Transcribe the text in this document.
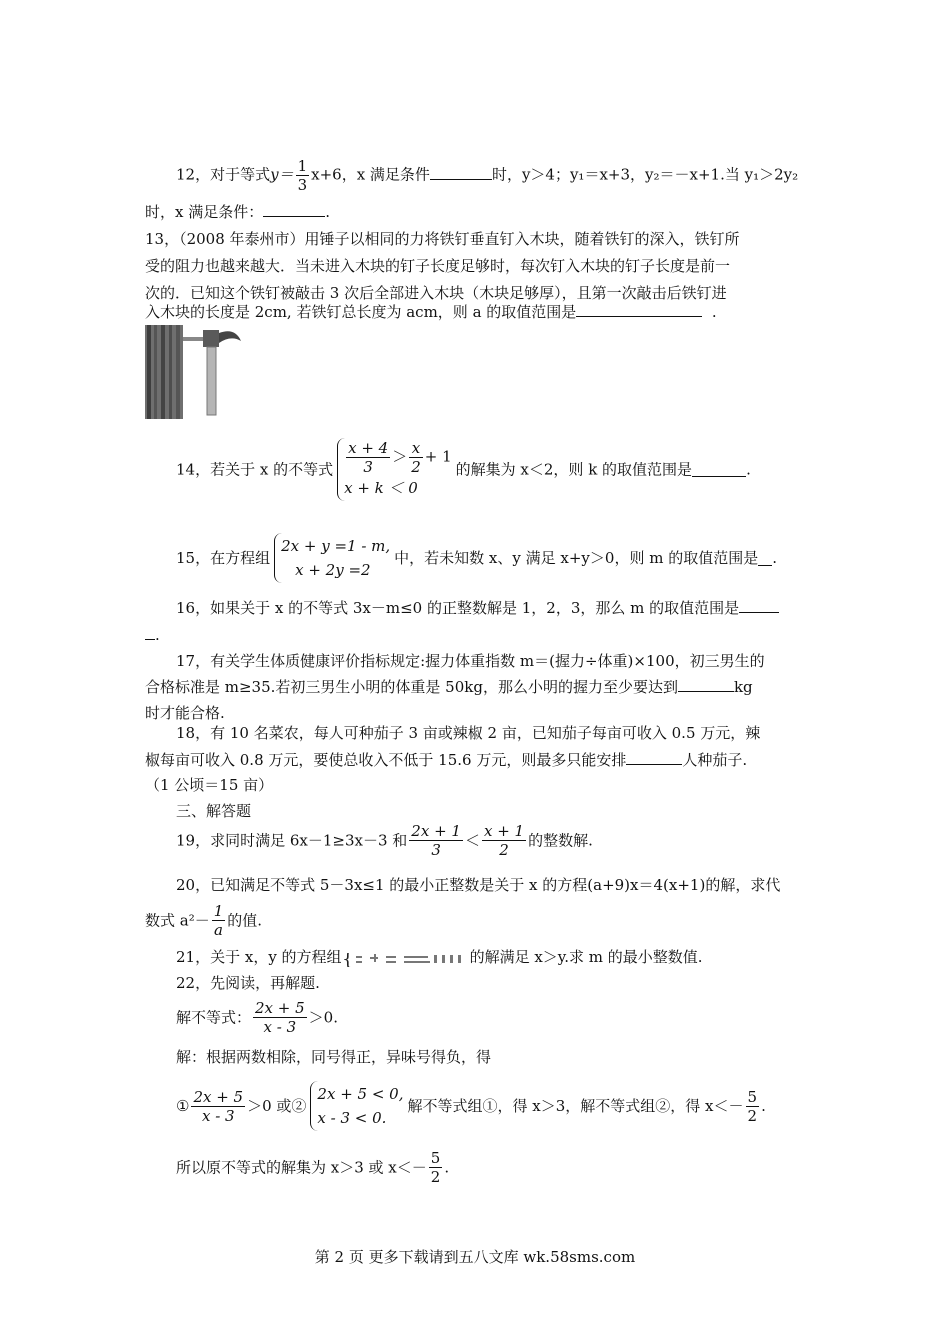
12，对于等式$y= \frac{1}{3} x+6$，x 满足条件	时，y＞4；y₁＝x+3，y₂＝－x+1.当 y₁＞2y₂
时，x 满足条件：	.
13，（2008 年泰州市）用锤子以相同的力将铁钉垂直钉入木块，随着铁钉的深入，铁钉所
受的阻力也越来越大．当未进入木块的钉子长度足够时，每次钉入木块的钉子长度是前一
次的．已知这个铁钉被敲击 3 次后全部进入木块（木块足够厚），且第一次敲击后铁钉进
入木块的长度是 2cm, 若铁钉总长度为 acm，则 a 的取值范围是	.
14，若关于 x 的不等式 $\frac{x + 4}{3} > \frac{x}{2} + 1$
x + k ＜ 0
的解集为 x＜2，则 k 的取值范围是	.
15，在方程组
2x + y =1 - m,
x + 2y =2
中，若未知数 x、y 满足 x+y＞0，则 m 的取值范围是 .
16，如果关于 x 的不等式 3x－m≤0 的正整数解是 1，2，3，那么 m 的取值范围是
.
17，有关学生体质健康评价指标规定:握力体重指数 m＝(握力÷体重)×100，初三男生的
合格标准是 m≥35.若初三男生小明的体重是 50kg，那么小明的握力至少要达到	kg
时才能合格.
18，有 10 名菜农，每人可种茄子 3 亩或辣椒 2 亩，已知茄子每亩可收入 0.5 万元，辣
椒每亩可收入 0.8 万元，要使总收入不低于 15.6 万元，则最多只能安排	人种茄子.
（1 公顷＝15 亩）
三、解答题
19，求同时满足 6x－1≥3x－3 和 $\frac{2x + 1}{3} < \frac{x + 1}{2}$ 的整数解.
20，已知满足不等式 5－3x≤1 的最小正整数是关于 x 的方程(a+9)x＝4(x+1)的解，求代
数式 $a^2- \frac{1}{a}$ 的值.
21，关于 x，y 的方程组 {	的解满足 x＞y.求 m 的最小整数值.
22，先阅读，再解题.
解不等式： $\frac{2x + 5}{x - 3} >0$.
解：根据两数相除，同号得正，异味号得负，得
① $\frac{2x + 5}{x - 3} >0$ 或②
2x + 5 < 0,
x - 3 < 0.
解不等式组①，得 x＞3，解不等式组②，得 $x<- \frac{5}{2}$ .
所以原不等式的解集为 x＞3 或 $x<- \frac{5}{2}$ .
第 2 页 更多下载请到五八文库 wk.58sms.com
